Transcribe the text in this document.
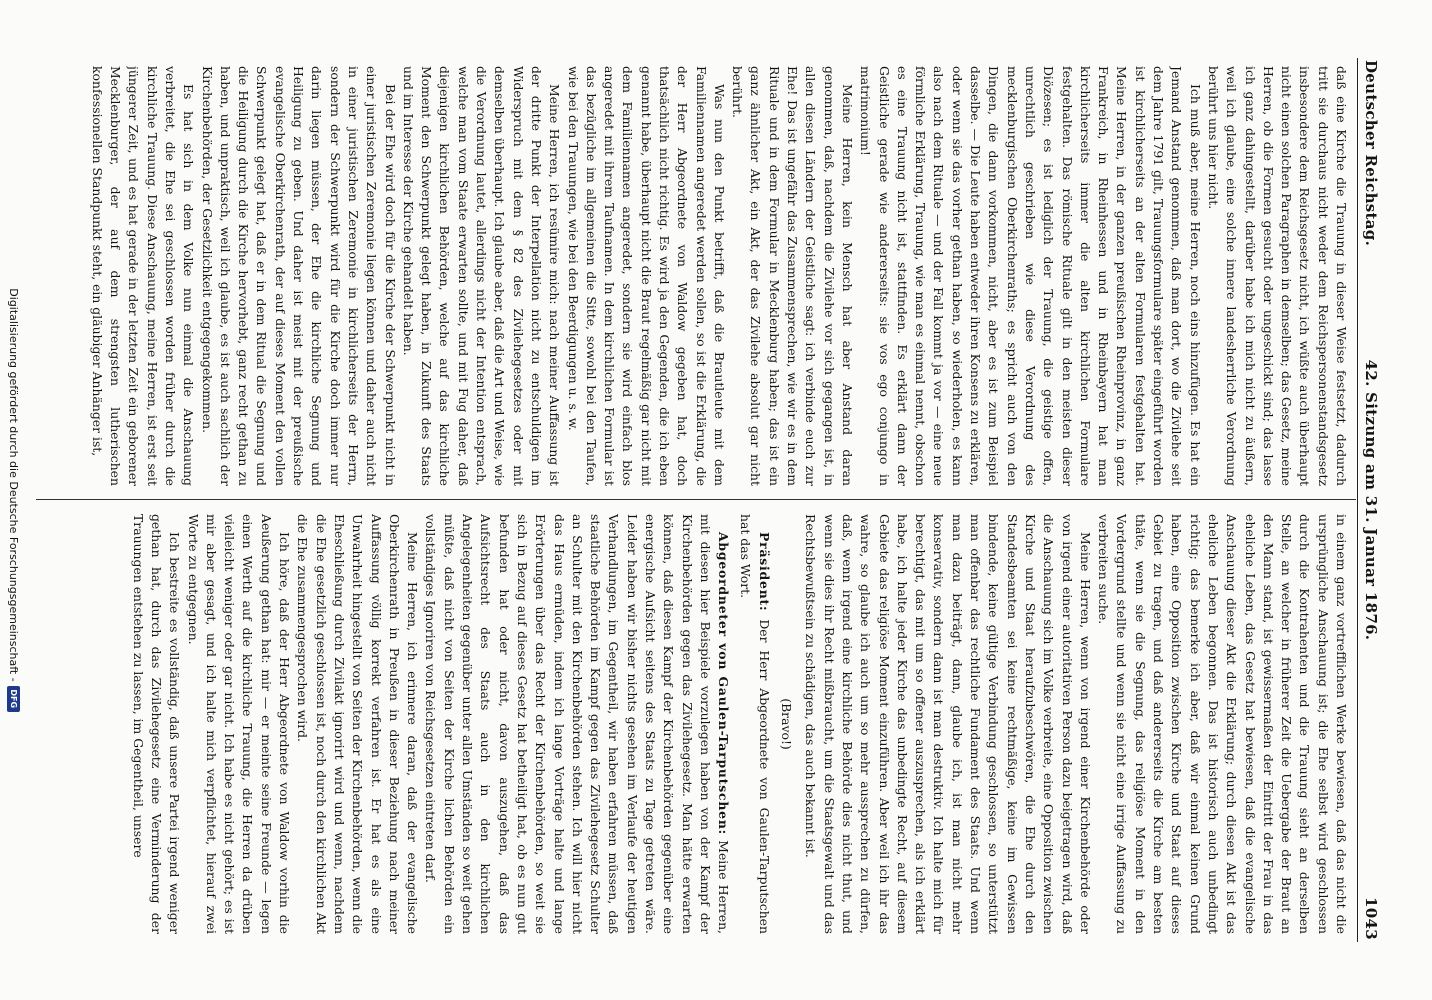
Deutscher Reichstag.
42. Sitzung am 31. Januar 1876.
1043

daß eine Kirche die Trauung in dieser Weise festsetzt, dadurch tritt sie durchaus nicht weder dem Reichspersonenstandsgesetz insbesondere dem Reichsgesetz nicht, ich wüßte auch überhaupt nicht einen solchen Paragraphen in demselben; das Gesetz, meine Herren, ob die Formen gesucht oder ungeschickt sind; das lasse ich ganz dahingestellt, darüber habe ich mich nicht zu äußern, weil ich glaube, eine solche innere landesherrliche Verordnung berührt uns hier nicht.

Ich muß aber, meine Herren, noch eins hinzufügen. Es hat ein Jemand Anstand genommen, daß man dort, wo die Zivilehe seit dem Jahre 1791 gilt, Trauungsformulare später eingeführt worden ist kirchlicherseits an der alten Formularen festgehalten hat. Meine Herren, in der ganzen preußischen Rheinprovinz, in ganz Frankreich, in Rheinhessen und in Rheinbayern hat man kirchlicherseits immer die alten kirchlichen Formulare festgehalten. Das römische Rituale gilt in den meisten dieser Diözesen; es ist lediglich der Trauung, die geistige offen, unrechtlich geschrieben wie diese Verordnung des mecklenburgischen Oberkirchenraths; es spricht auch von den Dingen, die dann vorkommen, nicht, aber es ist zum Beispiel dasselbe. — Die Leute haben entweder ihren Konsens zu erklären, oder wenn sie das vorher gethan haben, so wiederholen, es kann also nach dem Rituale — und der Fall kommt ja vor — eine neue förmliche Erklärung, Trauung, wie man es einmal nennt, obschon es eine Trauung nicht ist, stattfinden. Es erklärt dann der Geistliche gerade wie andererseits: sie vos ego conjungo in matrimonium!

Meine Herren, kein Mensch hat aber Anstand daran genommen, daß, nachdem die Zivilehe vor sich gegangen ist, in allen diesen Ländern der Geistliche sagt: ich verbinde euch zur Ehe! Das ist ungefähr das Zusammensprechen, wie wir es in dem Rituale und in dem Formular in Mecklenburg haben; das ist ein ganz ähnlicher Akt, ein Akt, der das Zivilehe absolut gar nicht berührt.

Was nun den Punkt betrifft, daß die Brautleute mit dem Familiennamen angeredet werden sollen, so ist die Erklärung, die der Herr Abgeordnete von Waldow gegeben hat, doch thatsächlich nicht richtig. Es wird ja den Gegenden, die ich eben genannt habe, überhaupt nicht die Braut regelmäßig gar nicht mit dem Familiennamen angeredet, sondern sie wird einfach blos angeredet mit ihrem Taufnamen. In dem kirchlichen Formular ist das bezügliche im allgemeinen die Sitte, sowohl bei den Taufen, wie bei den Trauungen, wie bei den Beerdigungen u. s. w.

Meine Herren, ich resümire mich: nach meiner Auffassung ist der dritte Punkt der Interpellation nicht zu entschuldigen im Widerspruch mit dem § 82 des Zivilehegesetzes oder mit demselben überhaupt. Ich glaube aber, daß die Art und Weise, wie die Verordnung lautet, allerdings nicht der Intention entsprach, welche man vom Staate erwarten sollte, und mit Fug daher, daß diejenigen kirchlichen Behörden, welche auf das kirchliche Moment den Schwerpunkt gelegt haben, in Zukunft des Staats und im Interesse der Kirche gehandelt haben.

Bei der Ehe wird doch für die Kirche der Schwerpunkt nicht in einer juristischen Zeremonie liegen können und daher auch nicht in einer juristischen Zeremonie in kirchlicherseits der Herrn, sondern der Schwerpunkt wird für die Kirche doch immer nur darin liegen müssen, der Ehe die kirchliche Segnung und Heiligung zu geben. Und daher ist meist mit der preußische evangelische Oberkirchenrath, der auf dieses Moment den vollen Schwerpunkt gelegt hat, daß er in dem Ritual die Segnung und die Heiligung durch die Kirche hervorhebt, ganz recht gethan zu haben, und unpraktisch, weil ich glaube, es ist auch sachlich der Kirchenbehörden, der Gesetzlichkeit entgegengekommen.

Es hat sich in dem Volke nun einmal die Anschauung verbreitet, die Ehe sei geschlossen worden früher durch die kirchliche Trauung. Diese Anschauung, meine Herren, ist erst seit jüngerer Zeit, und es hat gerade in der letzten Zeit ein geborener Mecklenburger, der auf dem strengsten lutherischen konfessionellen Standpunkt steht, ein gläubiger Anhänger ist,

in einem ganz vortrefflichen Werke bewiesen, daß das nicht die ursprüngliche Anschauung ist; die Ehe selbst wird geschlossen durch die Kontrahenten und die Trauung sieht an derselben Stelle, an welcher in früherer Zeit die Uebergabe der Braut an den Mann stand, ist gewissermaßen der Eintritt der Frau in das eheliche Leben, das Gesetz hat bewiesen, daß die evangelische Anschauung dieser Akt die Erklärung; durch diesen Akt ist das eheliche Leben begonnen. Das ist historisch auch unbedingt richtig; das bemerke ich aber, daß wir einmal keinen Grund haben, eine Opposition zwischen Kirche und Staat auf dieses Gebiet zu tragen, und daß andererseits die Kirche am besten thäte, wenn sie die Segnung, das religiöse Moment in den Vordergrund stellte und wenn sie nicht eine irrige Auffassung zu verbreiten suche.

Meine Herren, wenn von irgend einer Kirchenbehörde oder von irgend einer autoritativen Person dazu beigetragen wird, daß die Anschauung sich im Volke verbreite, eine Opposition zwischen Kirche und Staat heraufzubeschwören, die Ehe durch den Standesbeamten sei keine rechtmäßige, keine im Gewissen bindende, keine gültige Verbindung geschlossen, so unterstützt man offenbar das rechtliche Fundament des Staats. Und wenn man dazu beiträgt, dann, glaube ich, ist man nicht mehr konservativ, sondern dann ist man destruktiv. Ich halte mich für berechtigt, das mit um so offener auszusprechen, als ich erklärt habe, ich halte jeder Kirche das unbedingte Recht, auf diesem Gebiete das religiöse Moment einzuführen. Aber weil ich ihr das wahre, so glaube ich auch um so mehr aussprechen zu dürfen, daß, wenn irgend eine kirchliche Behörde dies nicht thut, und wenn sie dies ihr Recht mißbraucht, um die Staatsgewalt und das Rechtsbewußtsein zu schädigen, das auch bekannt ist.

(Bravo!)

Präsident: Der Herr Abgeordnete von Gaulen-Tarputschen hat das Wort.

Abgeordneter von Gaulen-Tarputschen: Meine Herren, mit diesen hier Beispiele vorzulegen haben von der Kampf der Kirchenbehörden gegen das Zivilehegesetz. Man hätte erwarten können, daß diesen Kampf der Kirchenbehörden gegenüber eine energische Aufsicht seitens des Staats zu Tage getreten wäre. Leider haben wir bisher nichts gesehen im Verlaufe der heutigen Verhandlungen, im Gegentheil, wir haben erfahren müssen, daß staatliche Behörden im Kampf gegen das Zivilehegesetz Schulter an Schulter mit den Kirchenbehörden stehen. Ich will hier nicht das Haus ermüden, indem ich lange Vorträge halte und lange Erörterungen über das Recht der Kirchenbehörden, so weit sie sich in Bezug auf dieses Gesetz hat betheiligt hat, ob es nun gut befunden hat oder nicht, davon auszugehen, daß das Aufsichtsrecht des Staats auch in den kirchlichen Angelegenheiten gegenüber unter allen Umständen so weit gehen müßte, daß nicht von Seiten der Kirche lichen Behörden ein vollständiges Ignoriren von Reichsgesetzen eintreten darf.

Meine Herren, ich erinnere daran, daß der evangelische Oberkirchenrath in Preußen in dieser Beziehung nach meiner Auffassung völlig korrekt verfahren ist. Er hat es als eine Unwahrheit hingestellt von Seiten der Kirchenbehörden, wenn die Eheschließung durch Zivilakt ignorirt wird und wenn, nachdem die Ehe gesetzlich geschlossen ist, noch durch den kirchlichen Akt die Ehe zusammengesprochen wird.

Ich höre, daß der Herr Abgeordnete von Waldow vorhin die Aeußerung gethan hat: mir — er meinte seine Freunde — legen einen Werth auf die kirchliche Trauung, die Herren da drüben vielleicht weniger oder gar nicht. Ich habe es nicht gehört; es ist mir aber gesagt, und ich halte mich verpflichtet, hierauf zwei Worte zu entgegnen.

Ich bestreite es vollständig, daß unsere Partei irgend weniger gethan hat, durch das Zivilehegesetz eine Verminderung der Trauungen entstehen zu lassen, im Gegentheil, unsere

Digitalisierung gefördert durch die Deutsche Forschungsgemeinschaft -
DFG
